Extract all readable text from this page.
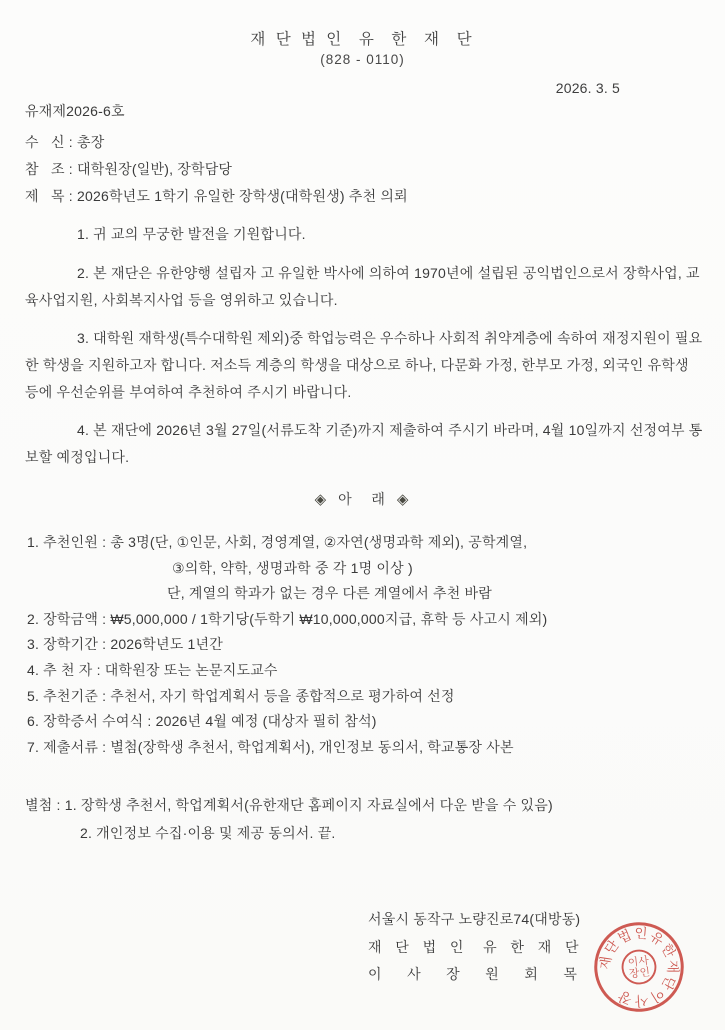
재 단 법 인  유  한  재  단
(828 - 0110)
2026. 3. 5
유재제2026-6호
수   신 : 총장
참   조 : 대학원장(일반), 장학담당
제   목 : 2026학년도 1학기 유일한 장학생(대학원생) 추천 의뢰

1. 귀 교의 무궁한 발전을 기원합니다.

2. 본 재단은 유한양행 설립자 고 유일한 박사에 의하여 1970년에 설립된 공익법인으로서 장학사업, 교육사업지원, 사회복지사업 등을 영위하고 있습니다.

3. 대학원 재학생(특수대학원 제외)중 학업능력은 우수하나 사회적 취약계층에 속하여 재정지원이 필요한 학생을 지원하고자 합니다. 저소득 계층의 학생을 대상으로 하나, 다문화 가정, 한부모 가정, 외국인 유학생 등에 우선순위를 부여하여 추천하여 주시기 바랍니다.

4. 본 재단에 2026년 3월 27일(서류도착 기준)까지 제출하여 주시기 바라며, 4월 10일까지 선정여부 통보할 예정입니다.

◈ 아   래 ◈
1. 추천인원 : 총 3명(단, ①인문, 사회, 경영계열, ②자연(생명과학 제외), 공학계열,
③의학, 약학, 생명과학 중 각 1명 이상 )
단, 계열의 학과가 없는 경우 다른 계열에서 추천 바람
2. 장학금액 : ₩5,000,000 / 1학기당(두학기 ₩10,000,000지급, 휴학 등 사고시 제외)
3. 장학기간 : 2026학년도 1년간
4. 추 천 자 : 대학원장 또는 논문지도교수
5. 추천기준 : 추천서, 자기 학업계획서 등을 종합적으로 평가하여 선정
6. 장학증서 수여식 : 2026년 4월 예정 (대상자 필히 참석)
7. 제출서류 : 별첨(장학생 추천서, 학업계획서), 개인정보 동의서, 학교통장 사본
별첨 : 1. 장학생 추천서, 학업계획서(유한재단 홈페이지 자료실에서 다운 받을 수 있음)
2. 개인정보 수집·이용 및 제공 동의서. 끝.
서울시 동작구 노량진로74(대방동)
재  단  법  인   유  한  재  단
이    사    장    원    회    목
재단법인유한재단이사장
이사
장인
